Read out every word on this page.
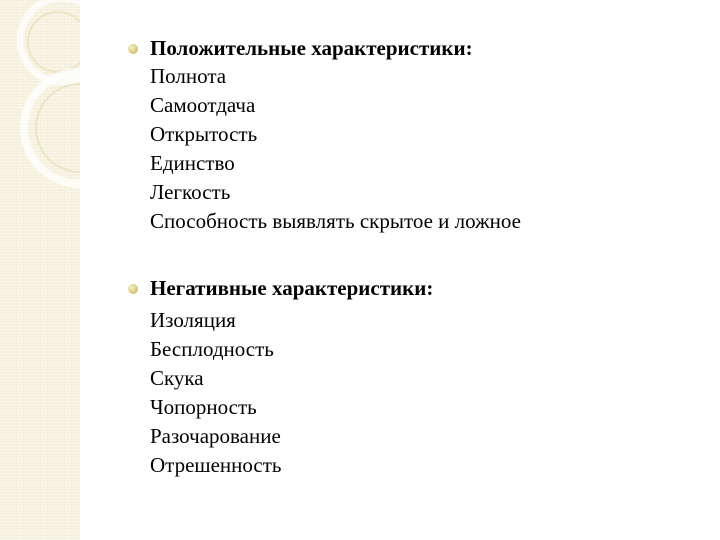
Положительные характеристики:
Полнота
Самоотдача
Открытость
Единство
Легкость
Способность выявлять скрытое и ложное
Негативные характеристики:
Изоляция
Бесплодность
Скука
Чопорность
Разочарование
Отрешенность
